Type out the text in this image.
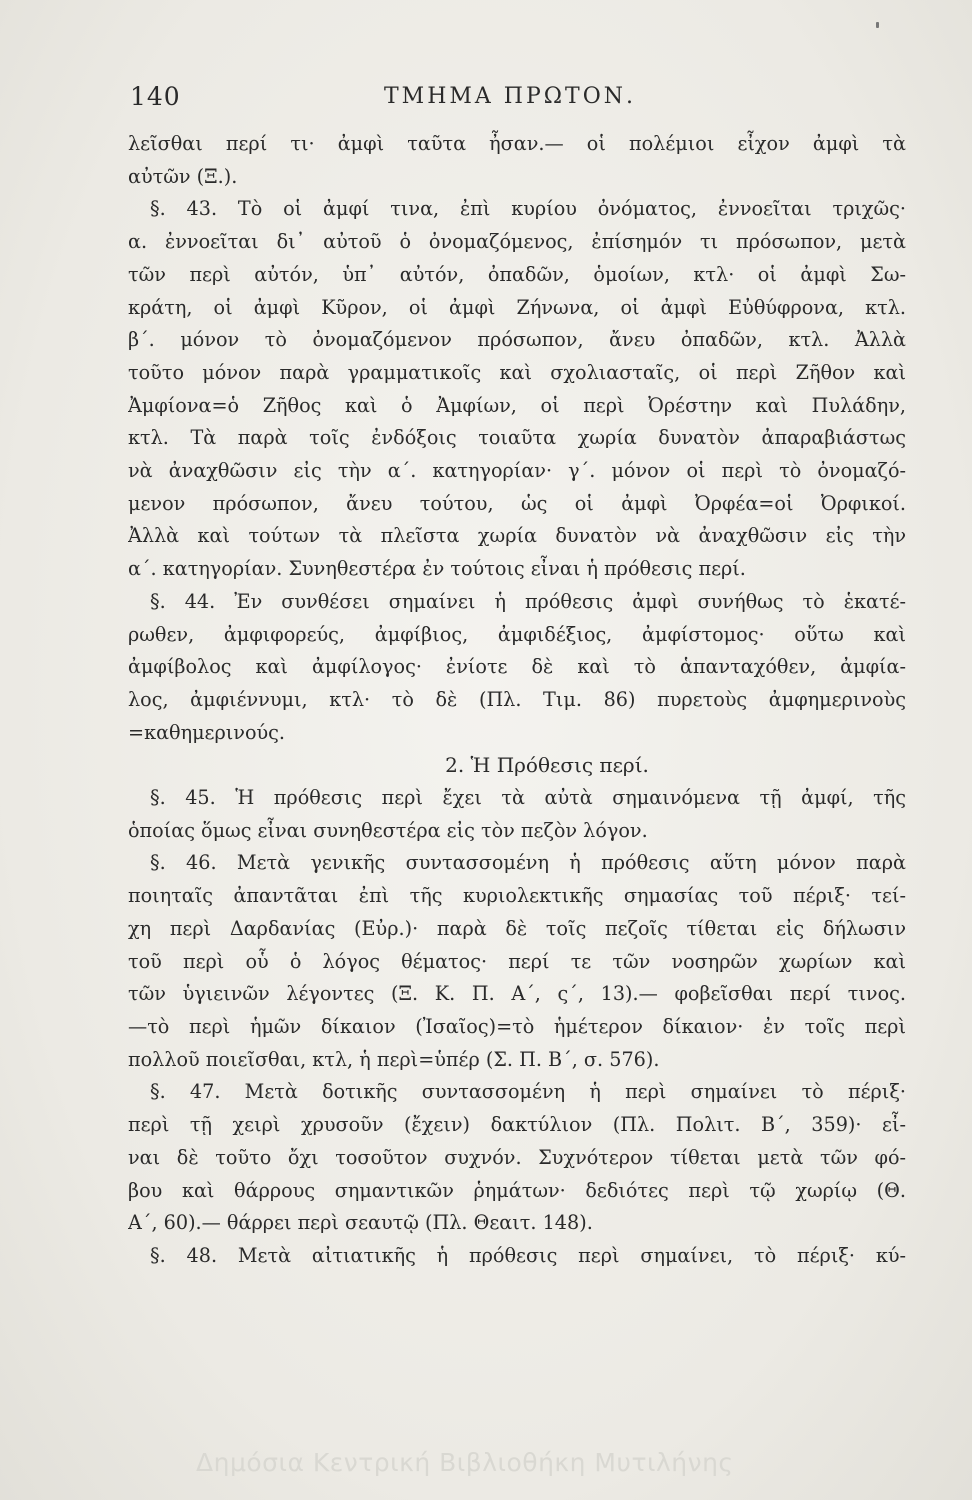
140	ΤΜΗΜΑ ΠΡΩΤΟΝ.
λεῖσθαι περί τι· ἀμφὶ ταῦτα ἦσαν.— οἱ πολέμιοι εἶχον ἀμφὶ τὰ
αὐτῶν (Ξ.).
§. 43. Τὸ οἱ ἀμφί τινα, ἐπὶ κυρίου ὀνόματος, ἐννοεῖται τριχῶς·
α. ἐννοεῖται δι᾽ αὐτοῦ ὁ ὀνομαζόμενος, ἐπίσημόν τι πρόσωπον, μετὰ
τῶν περὶ αὐτόν, ὑπ᾽ αὐτόν, ὀπαδῶν, ὁμοίων, κτλ· οἱ ἀμφὶ Σω-
κράτη, οἱ ἀμφὶ Κῦρον, οἱ ἀμφὶ Ζήνωνα, οἱ ἀμφὶ Εὐθύφρονα, κτλ.
β΄. μόνον τὸ ὀνομαζόμενον πρόσωπον, ἄνευ ὀπαδῶν, κτλ. Ἀλλὰ
τοῦτο μόνον παρὰ γραμματικοῖς καὶ σχολιασταῖς, οἱ περὶ Ζῆθον καὶ
Ἀμφίονα=ὁ Ζῆθος καὶ ὁ Ἀμφίων, οἱ περὶ Ὀρέστην καὶ Πυλάδην,
κτλ. Τὰ παρὰ τοῖς ἐνδόξοις τοιαῦτα χωρία δυνατὸν ἀπαραβιάστως
νὰ ἀναχθῶσιν εἰς τὴν α΄. κατηγορίαν· γ΄. μόνον οἱ περὶ τὸ ὀνομαζό-
μενον πρόσωπον, ἄνευ τούτου, ὡς οἱ ἀμφὶ Ὀρφέα=οἱ Ὀρφικοί.
Ἀλλὰ καὶ τούτων τὰ πλεῖστα χωρία δυνατὸν νὰ ἀναχθῶσιν εἰς τὴν
α΄. κατηγορίαν. Συνηθεστέρα ἐν τούτοις εἶναι ἡ πρόθεσις περί.
§. 44. Ἐν συνθέσει σημαίνει ἡ πρόθεσις ἀμφὶ συνήθως τὸ ἑκατέ-
ρωθεν, ἀμφιφορεύς, ἀμφίβιος, ἀμφιδέξιος, ἀμφίστομος· οὕτω καὶ
ἀμφίβολος καὶ ἀμφίλογος· ἐνίοτε δὲ καὶ τὸ ἁπανταχόθεν, ἀμφία-
λος, ἀμφιέννυμι, κτλ· τὸ δὲ (Πλ. Τιμ. 86) πυρετοὺς ἀμφημερινοὺς
=καθημερινούς.
2. Ἡ Πρόθεσις περί.
§. 45. Ἡ πρόθεσις περὶ ἔχει τὰ αὐτὰ σημαινόμενα τῇ ἀμφί, τῆς
ὁποίας ὅμως εἶναι συνηθεστέρα εἰς τὸν πεζὸν λόγον.
§. 46. Μετὰ γενικῆς συντασσομένη ἡ πρόθεσις αὕτη μόνον παρὰ
ποιηταῖς ἀπαντᾶται ἐπὶ τῆς κυριολεκτικῆς σημασίας τοῦ πέριξ· τεί-
χη περὶ Δαρδανίας (Εὐρ.)· παρὰ δὲ τοῖς πεζοῖς τίθεται εἰς δήλωσιν
τοῦ περὶ οὗ ὁ λόγος θέματος· περί τε τῶν νοσηρῶν χωρίων καὶ
τῶν ὑγιεινῶν λέγοντες (Ξ. Κ. Π. Α΄, ς΄, 13).— φοβεῖσθαι περί τινος.
—τὸ περὶ ἡμῶν δίκαιον (Ἰσαῖος)=τὸ ἡμέτερον δίκαιον· ἐν τοῖς περὶ
πολλοῦ ποιεῖσθαι, κτλ, ἡ περὶ=ὑπέρ (Σ. Π. Β΄, σ. 576).
§. 47. Μετὰ δοτικῆς συντασσομένη ἡ περὶ σημαίνει τὸ πέριξ·
περὶ τῇ χειρὶ χρυσοῦν (ἔχειν) δακτύλιον (Πλ. Πολιτ. Β΄, 359)· εἶ-
ναι δὲ τοῦτο ὄχι τοσοῦτον συχνόν. Συχνότερον τίθεται μετὰ τῶν φό-
βου καὶ θάρρους σημαντικῶν ῥημάτων· δεδιότες περὶ τῷ χωρίῳ (Θ.
Α΄, 60).— θάρρει περὶ σεαυτῷ (Πλ. Θεαιτ. 148).
§. 48. Μετὰ αἰτιατικῆς ἡ πρόθεσις περὶ σημαίνει, τὸ πέριξ· κύ-
Δημόσια Κεντρική Βιβλιοθήκη Μυτιλήνης
